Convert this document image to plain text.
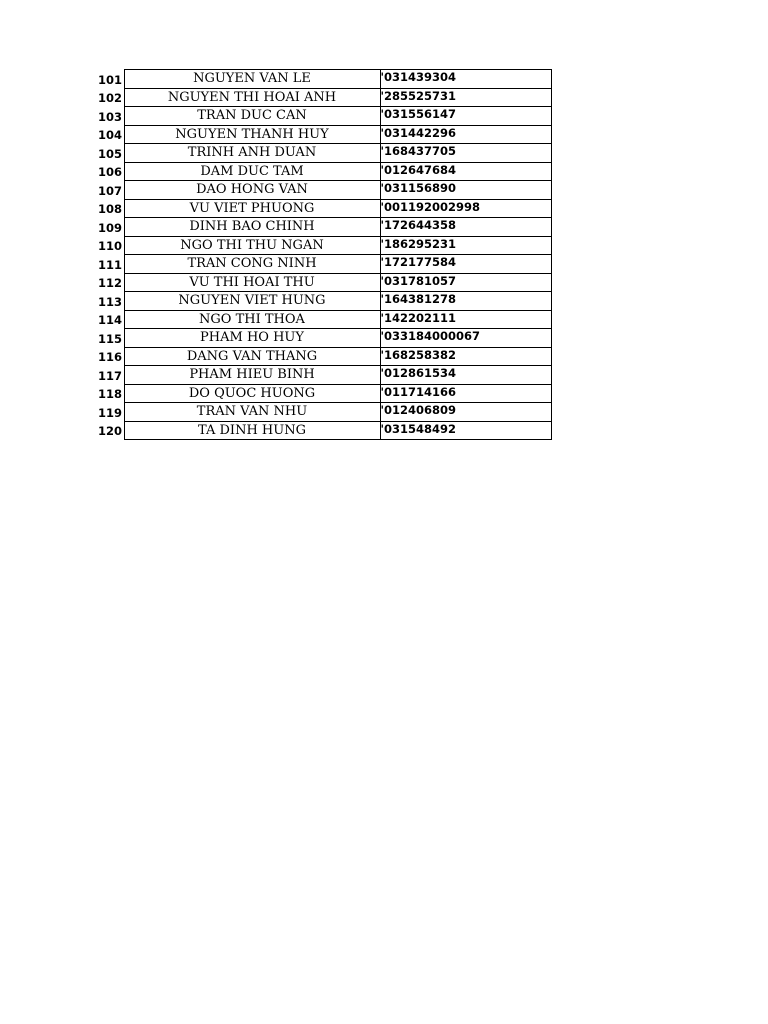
101	NGUYEN VAN LE	'031439304
102	NGUYEN THI HOAI ANH	'285525731
103	TRAN DUC CAN	'031556147
104	NGUYEN THANH HUY	'031442296
105	TRINH ANH DUAN	'168437705
106	DAM DUC TAM	'012647684
107	DAO HONG VAN	'031156890
108	VU VIET PHUONG	'001192002998
109	DINH BAO CHINH	'172644358
110	NGO THI THU NGAN	'186295231
111	TRAN CONG NINH	'172177584
112	VU THI HOAI THU	'031781057
113	NGUYEN VIET HUNG	'164381278
114	NGO THI THOA	'142202111
115	PHAM HO HUY	'033184000067
116	DANG VAN THANG	'168258382
117	PHAM HIEU BINH	'012861534
118	DO QUOC HUONG	'011714166
119	TRAN VAN NHU	'012406809
120	TA DINH HUNG	'031548492
